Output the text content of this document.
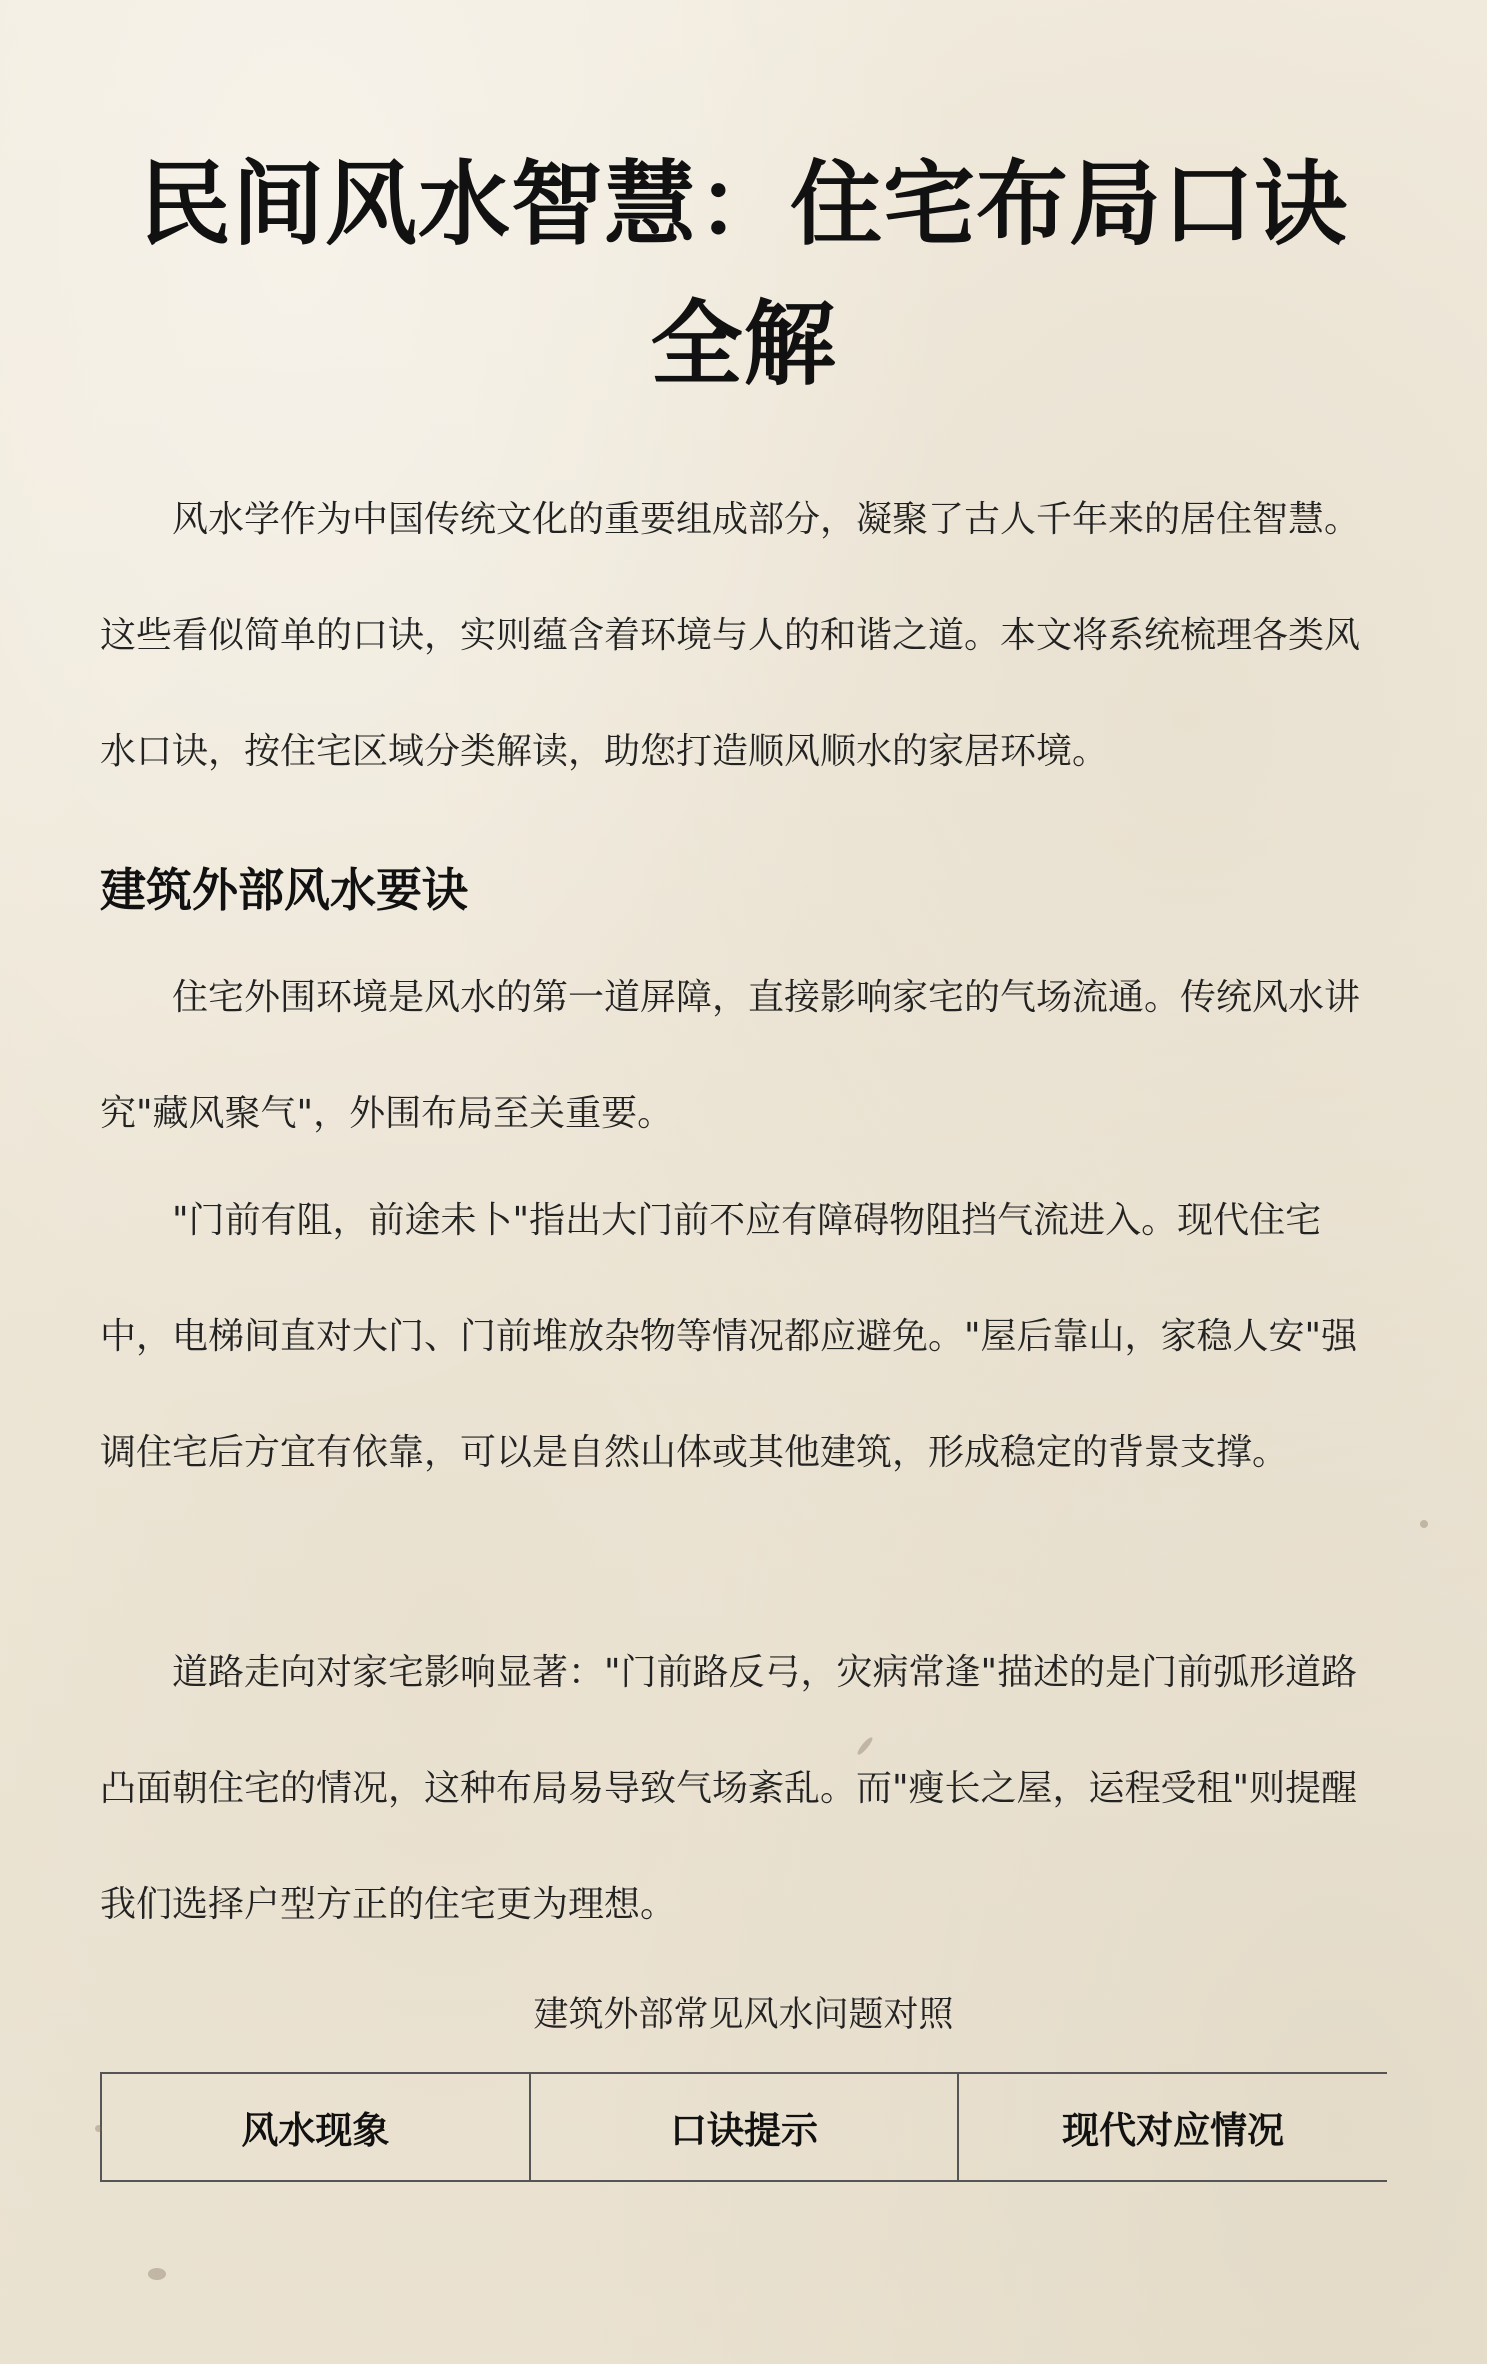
民间风水智慧：住宅布局口诀全解

风水学作为中国传统文化的重要组成部分，凝聚了古人千年来的居住智慧。这些看似简单的口诀，实则蕴含着环境与人的和谐之道。本文将系统梳理各类风水口诀，按住宅区域分类解读，助您打造顺风顺水的家居环境。

建筑外部风水要诀

住宅外围环境是风水的第一道屏障，直接影响家宅的气场流通。传统风水讲究"藏风聚气"，外围布局至关重要。

"门前有阻，前途未卜"指出大门前不应有障碍物阻挡气流进入。现代住宅中，电梯间直对大门、门前堆放杂物等情况都应避免。"屋后靠山，家稳人安"强调住宅后方宜有依靠，可以是自然山体或其他建筑，形成稳定的背景支撑。

道路走向对家宅影响显著："门前路反弓，灾病常逢"描述的是门前弧形道路凸面朝住宅的情况，这种布局易导致气场紊乱。而"瘦长之屋，运程受租"则提醒我们选择户型方正的住宅更为理想。

建筑外部常见风水问题对照
风水现象	口诀提示	现代对应情况
